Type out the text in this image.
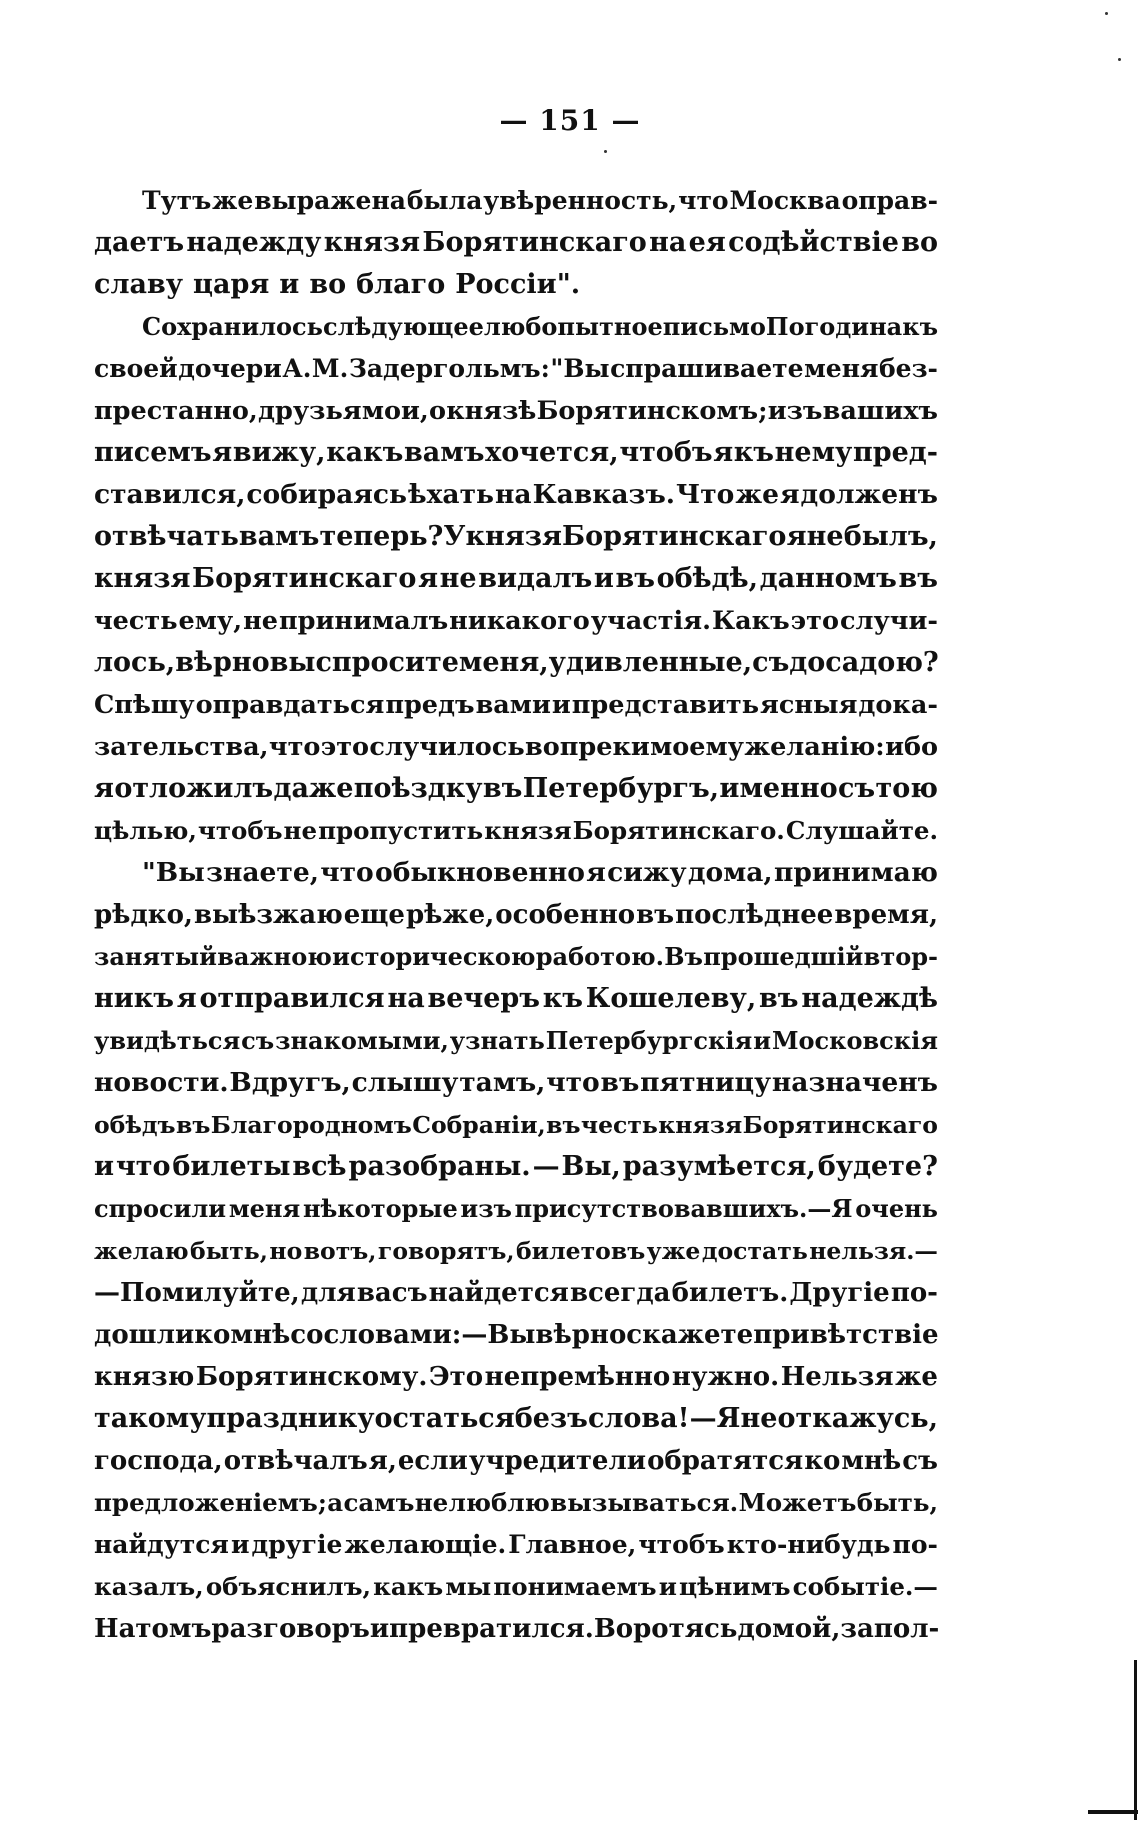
— 151 —
Тутъ же выражена была увѣренность, что Москва оправ-
даетъ надежду князя Борятинскаго на ея содѣйствіе во
славу царя и во благо Россіи".
Сохранилось слѣдующее любопытное письмо Погодина къ
своей дочери А. М. Задергольмъ: "Вы спрашиваете меня без-
престанно, друзья мои, о князѣ Борятинскомъ; изъ вашихъ
писемъ я вижу, какъ вамъ хочется, чтобъ я къ нему пред-
ставился, собираясь ѣхать на Кавказъ. Что же я долженъ
отвѣчать вамъ теперь? У князя Борятинскаго я не былъ,
князя Борятинскаго я не видалъ и въ обѣдѣ, данномъ въ
честь ему, не принималъ никакого участія. Какъ это случи-
лось, вѣрно вы спросите меня, удивленные, съ досадою?
Спѣшу оправдаться предъ вами и представить ясныя дока-
зательства, что это случилось вопреки моему желанію: ибо
я отложилъ даже поѣздку въ Петербургъ, именно съ тою
цѣлью, чтобъ не пропустить князя Борятинскаго. Слушайте.
"Вы знаете, что обыкновенно я сижу дома, принимаю
рѣдко, выѣзжаю еще рѣже, особенно въ послѣднее время,
занятый важною историческою работою. Въ прошедшій втор-
никъ я отправился на вечеръ къ Кошелеву, въ надеждѣ
увидѣться съ знакомыми, узнать Петербургскія и Московскія
новости. Вдругъ, слышу тамъ, что въ пятницу назначенъ
обѣдъ въ Благородномъ Собраніи, въ честь князя Борятинскаго
и что билеты всѣ разобраны. — Вы, разумѣется, будете?
спросили меня нѣкоторые изъ присутствовавшихъ.—Я очень
желаю быть, но вотъ, говорятъ, билетовъ уже достать нельзя.—
—Помилуйте, для васъ найдется всегда билетъ. Другіе по-
дошли ко мнѣ со словами:—Вы вѣрно скажете привѣтствіе
князю Борятинскому. Это непремѣнно нужно. Нельзя же
такому празднику остаться безъ слова! — Я не откажусь,
господа, отвѣчалъ я, если учредители обратятся ко мнѣ съ
предложеніемъ; а самъ не люблю вызываться. Можетъ быть,
найдутся и другіе желающіе. Главное, чтобъ кто-нибудь по-
казалъ, объяснилъ, какъ мы понимаемъ и цѣнимъ событіе.—
На томъ разговоръ и превратился. Воротясь домой, за пол-
